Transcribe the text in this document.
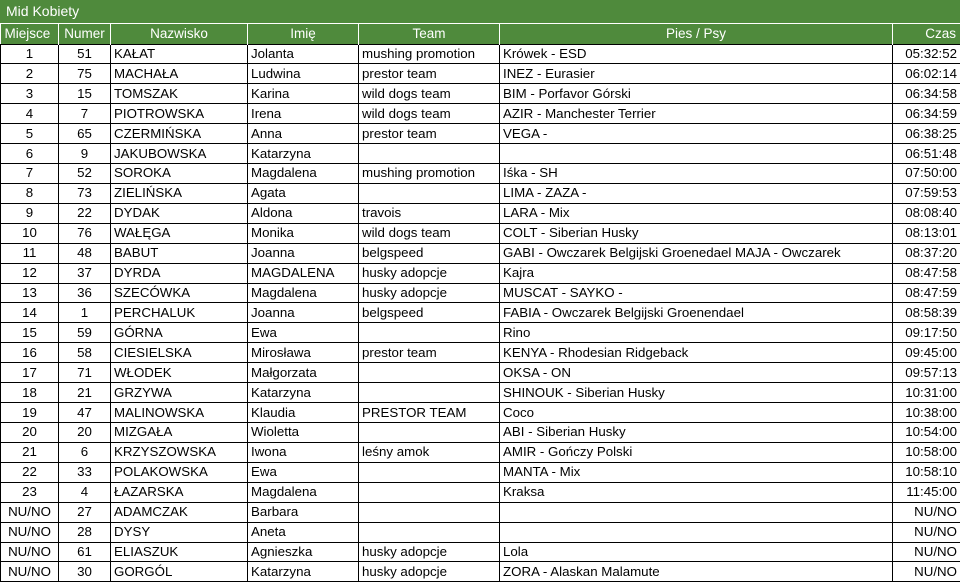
Mid Kobiety
Miejsce	Numer	Nazwisko	Imię	Team	Pies / Psy	Czas
1	51	KAŁAT	Jolanta	mushing promotion	Krówek - ESD	05:32:52
2	75	MACHAŁA	Ludwina	prestor team	INEZ - Eurasier	06:02:14
3	15	TOMSZAK	Karina	wild dogs team	BIM - Porfavor Górski	06:34:58
4	7	PIOTROWSKA	Irena	wild dogs team	AZIR - Manchester Terrier	06:34:59
5	65	CZERMIŃSKA	Anna	prestor team	VEGA -	06:38:25
6	9	JAKUBOWSKA	Katarzyna			06:51:48
7	52	SOROKA	Magdalena	mushing promotion	Iśka - SH	07:50:00
8	73	ZIELIŃSKA	Agata		LIMA - ZAZA -	07:59:53
9	22	DYDAK	Aldona	travois	LARA - Mix	08:08:40
10	76	WAŁĘGA	Monika	wild dogs team	COLT - Siberian Husky	08:13:01
11	48	BABUT	Joanna	belgspeed	GABI - Owczarek Belgijski Groenedael MAJA - Owczarek	08:37:20
12	37	DYRDA	MAGDALENA	husky adopcje	Kajra	08:47:58
13	36	SZECÓWKA	Magdalena	husky adopcje	MUSCAT - SAYKO -	08:47:59
14	1	PERCHALUK	Joanna	belgspeed	FABIA - Owczarek Belgijski Groenendael	08:58:39
15	59	GÓRNA	Ewa		Rino	09:17:50
16	58	CIESIELSKA	Mirosława	prestor team	KENYA - Rhodesian Ridgeback	09:45:00
17	71	WŁODEK	Małgorzata		OKSA - ON	09:57:13
18	21	GRZYWA	Katarzyna		SHINOUK - Siberian Husky	10:31:00
19	47	MALINOWSKA	Klaudia	PRESTOR TEAM	Coco	10:38:00
20	20	MIZGAŁA	Wioletta		ABI - Siberian Husky	10:54:00
21	6	KRZYSZOWSKA	Iwona	leśny amok	AMIR - Gończy Polski	10:58:00
22	33	POLAKOWSKA	Ewa		MANTA - Mix	10:58:10
23	4	ŁAZARSKA	Magdalena		Kraksa	11:45:00
NU/NO	27	ADAMCZAK	Barbara			NU/NO
NU/NO	28	DYSY	Aneta			NU/NO
NU/NO	61	ELIASZUK	Agnieszka	husky adopcje	Lola	NU/NO
NU/NO	30	GORGÓL	Katarzyna	husky adopcje	ZORA - Alaskan Malamute	NU/NO
